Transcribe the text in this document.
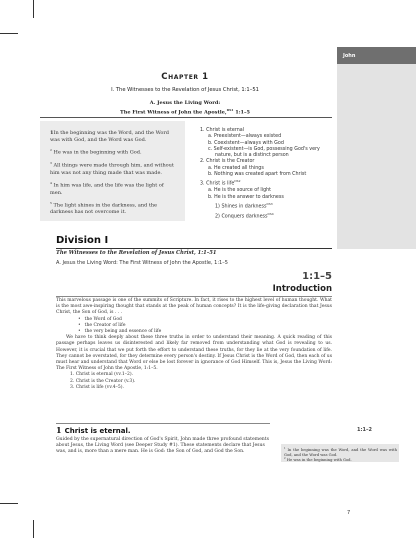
John
Chapter 1
I. The Witnesses to the Revelation of Jesus Christ, 1:1–51
A. Jesus the Living Word:
The First Witness of John the Apostle,$^{DS1}$ 1:1–5
1In the beginning was the Word, and the Word was with God, and the Word was God.
$^2$ He was in the beginning with God.
$^3$ All things were made through him, and without him was not any thing made that was made.
$^4$ In him was life, and the life was the light of men.
$^5$ The light shines in the darkness, and the darkness has not overcome it.
1. Christ is eternal
a. Preexistent—always existed
b. Coexistent—always with God
c. Self-existent—is God, possessing God's very
nature, but is a distinct person
2. Christ is the Creator
a. He created all things
b. Nothing was created apart from Christ
3. Christ is life$^{DS2}$
a. He is the source of light
b. He is the answer to darkness
1) Shines in darkness$^{DS3}$
2) Conquers darkness$^{DS4}$
Division I
The Witnesses to the Revelation of Jesus Christ, 1:1–51
A. Jesus the Living Word: The First Witness of John the Apostle, 1:1–5
1:1–5
Introduction

This marvelous passage is one of the summits of Scripture. In fact, it rises to the highest level of human thought. What is the most awe-inspiring thought that stands at the peak of human concepts? It is the life-giving declaration that Jesus Christ, the Son of God, is . . .

• the Word of God
• the Creator of life
• the very being and essence of life

We have to think deeply about these three truths in order to understand their meaning. A quick reading of this passage perhaps leaves us disinterested and likely far removed from understanding what God is revealing to us. However, it is crucial that we put forth the effort to understand these truths, for they lie at the very foundation of life. They cannot be overstated, for they determine every person's destiny. If Jesus Christ is the Word of God, then each of us must hear and understand that Word or else be lost forever in ignorance of God Himself. This is, Jesus the Living Word: The First Witness of John the Apostle, 1:1–5.

1. Christ is eternal (vv.1–2).
2. Christ is the Creator (v.3).
3. Christ is life (vv.4–5).
1 Christ is eternal.	1:1–2
Guided by the supernatural direction of God's Spirit, John made three profound statements about Jesus, the Living Word (see Deeper Study #1). These statements declare that Jesus was, and is, more than a mere man. He is God: the Son of God, and God the Son.
$^1$ In the beginning was the Word, and the Word was with God, and the Word was God.
$^2$ He was in the beginning with God.
7
